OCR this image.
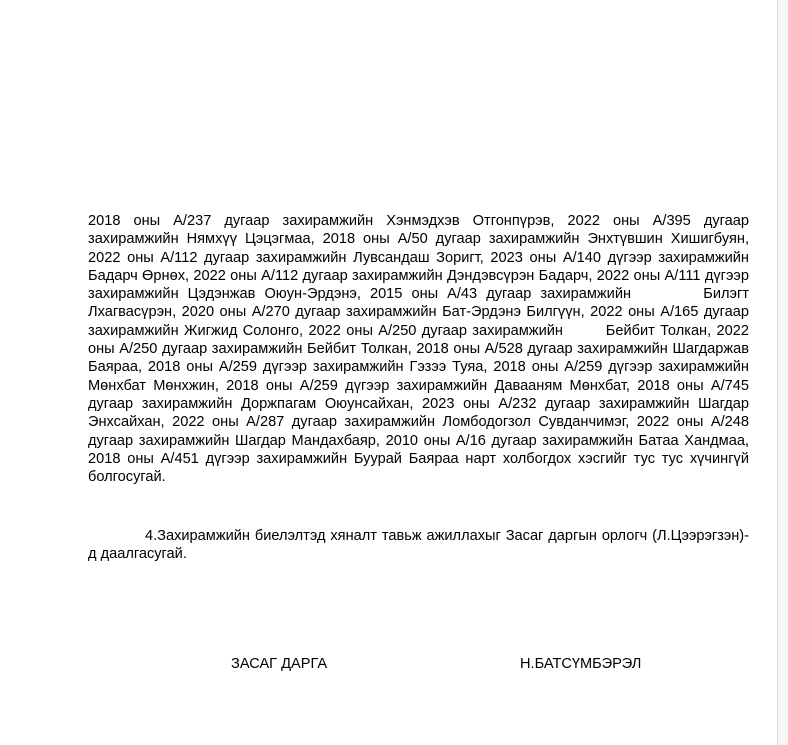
2018 оны А/237 дугаар захирамжийн Хэнмэдхэв Отгонпүрэв, 2022 оны А/395 дугаар захирамжийн Нямхүү Цэцэгмаа, 2018 оны А/50 дугаар захирамжийн Энхтүвшин Хишигбуян, 2022 оны А/112 дугаар захирамжийн Лувсандаш Зоригт, 2023 оны А/140 дүгээр захирамжийн Бадарч Өрнөх, 2022 оны А/112 дугаар захирамжийн Дэндэвсүрэн Бадарч, 2022 оны А/111 дүгээр захирамжийн Цэдэнжав Оюун-Эрдэнэ, 2015 оны А/43 дугаар захирамжийн        Билэгт Лхагвасүрэн, 2020 оны А/270 дугаар захирамжийн Бат-Эрдэнэ Билгүүн, 2022 оны А/165 дугаар захирамжийн Жигжид Солонго, 2022 оны А/250 дугаар захирамжийн        Бейбит Толкан, 2022 оны А/250 дугаар захирамжийн Бейбит Толкан, 2018 оны А/528 дугаар захирамжийн Шагдаржав Баяраа, 2018 оны А/259 дүгээр захирамжийн Гэзээ Туяа, 2018 оны А/259 дүгээр захирамжийн Мөнхбат Мөнхжин, 2018 оны А/259 дүгээр захирамжийн Давааням Мөнхбат, 2018 оны А/745 дугаар захирамжийн Доржпагам Оюунсайхан, 2023 оны А/232 дугаар захирамжийн Шагдар Энхсайхан, 2022 оны А/287 дугаар захирамжийн Ломбодогзол Сувданчимэг, 2022 оны А/248 дугаар захирамжийн Шагдар Мандахбаяр, 2010 оны А/16 дугаар захирамжийн Батаа Хандмаа, 2018 оны А/451 дүгээр захирамжийн Буурай Баяраа нарт холбогдох хэсгийг тус тус хүчингүй болгосугай.

4.Захирамжийн биелэлтэд хяналт тавьж ажиллахыг Засаг даргын орлогч (Л.Цээрэгзэн)-д даалгасугай.

ЗАСАГ ДАРГА	Н.БАТСҮМБЭРЭЛ
